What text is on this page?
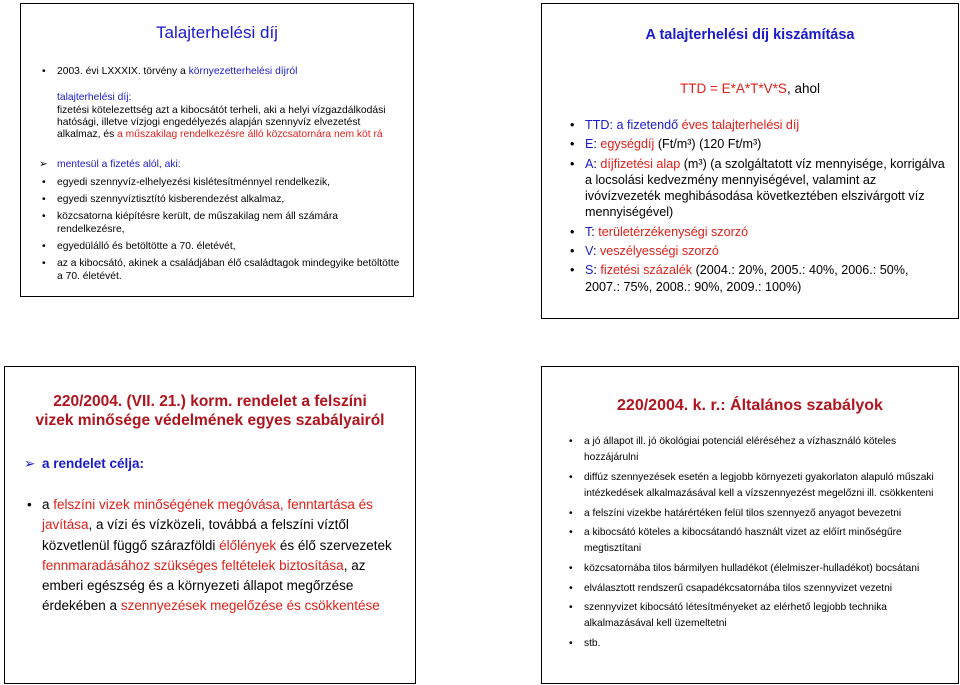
Talajterhelési díj
• 2003. évi LXXXIX. törvény a környezetterhelési díjról
talajterhelési díj:
fizetési kötelezettség azt a kibocsátót terheli, aki a helyi vízgazdálkodási hatósági, illetve vízjogi engedélyezés alapján szennyvíz elvezetést alkalmaz, és a műszakilag rendelkezésre álló közcsatornára nem köt rá
➢ mentesül a fizetés alól, aki:
• egyedi szennyvíz-elhelyezési kislétesítménnyel rendelkezik,
• egyedi szennyvíztisztító kisberendezést alkalmaz,
• közcsatorna kiépítésre került, de műszakilag nem áll számára rendelkezésre,
• egyedülálló és betöltötte a 70. életévét,
• az a kibocsátó, akinek a családjában élő családtagok mindegyike betöltötte a 70. életévét.
A talajterhelési díj kiszámítása
TTD = E*A*T*V*S, ahol
• TTD: a fizetendő éves talajterhelési díj
• E: egységdíj (Ft/m³) (120 Ft/m³)
• A: díjfizetési alap (m³) (a szolgáltatott víz mennyisége, korrigálva a locsolási kedvezmény mennyiségével, valamint az ivóvízvezeték meghibásodása következtében elszivárgott víz mennyiségével)
• T: területérzékenységi szorzó
• V: veszélyességi szorzó
• S: fizetési százalék (2004.: 20%, 2005.: 40%, 2006.: 50%, 2007.: 75%, 2008.: 90%, 2009.: 100%)
220/2004. (VII. 21.) korm. rendelet a felszíni
vizek minősége védelmének egyes szabályairól
➢ a rendelet célja:
• a felszíni vizek minőségének megóvása, fenntartása és javítása, a vízi és vízközeli, továbbá a felszíni víztől közvetlenül függő szárazföldi élőlények és élő szervezetek fennmaradásához szükséges feltételek biztosítása, az emberi egészség és a környezeti állapot megőrzése érdekében a szennyezések megelőzése és csökkentése
220/2004. k. r.: Általános szabályok
• a jó állapot ill. jó ökológiai potenciál eléréséhez a vízhasználó köteles hozzájárulni
• diffúz szennyezések esetén a legjobb környezeti gyakorlaton alapuló műszaki intézkedések alkalmazásával kell a vízszennyezést megelőzni ill. csökkenteni
• a felszíni vizekbe határértéken felül tilos szennyező anyagot bevezetni
• a kibocsátó köteles a kibocsátandó használt vizet az előírt minőségűre megtisztítani
• közcsatornába tilos bármilyen hulladékot (élelmiszer-hulladékot) bocsátani
• elválasztott rendszerű csapadékcsatornába tilos szennyvizet vezetni
• szennyvizet kibocsátó létesítményeket az elérhető legjobb technika alkalmazásával kell üzemeltetni
• stb.
